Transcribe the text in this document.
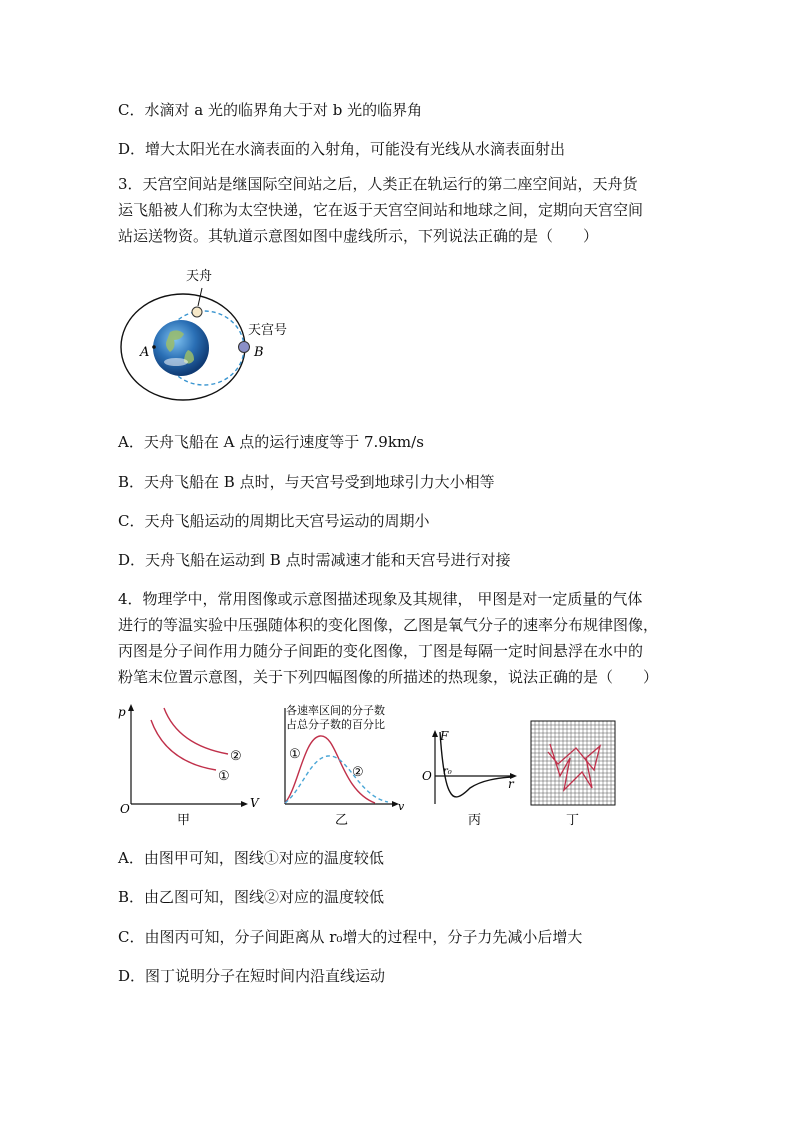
C．水滴对 a 光的临界角大于对 b 光的临界角
D．增大太阳光在水滴表面的入射角，可能没有光线从水滴表面射出
3．天宫空间站是继国际空间站之后，人类正在轨运行的第二座空间站，天舟货
运飞船被人们称为太空快递，它在返于天宫空间站和地球之间，定期向天宫空间
站运送物资。其轨道示意图如图中虚线所示，下列说法正确的是（　　）
A
天舟
B
天宫号
A．天舟飞船在 A 点的运行速度等于 7.9km/s
B．天舟飞船在 B 点时，与天宫号受到地球引力大小相等
C．天舟飞船运动的周期比天宫号运动的周期小
D．天舟飞船在运动到 B 点时需减速才能和天宫号进行对接
4．物理学中，常用图像或示意图描述现象及其规律， 甲图是对一定质量的气体
进行的等温实验中压强随体积的变化图像，乙图是氧气分子的速率分布规律图像，
丙图是分子间作用力随分子间距的变化图像，丁图是每隔一定时间悬浮在水中的
粉笔末位置示意图，关于下列四幅图像的所描述的热现象，说法正确的是（　　）
p
V
O
①
②
甲
各速率区间的分子数
占总分子数的百分比
v
①
②
乙
F
O r₀
r
丙	丁
A．由图甲可知，图线①对应的温度较低
B．由乙图可知，图线②对应的温度较低
C．由图丙可知，分子间距离从 r₀增大的过程中，分子力先减小后增大
D．图丁说明分子在短时间内沿直线运动
